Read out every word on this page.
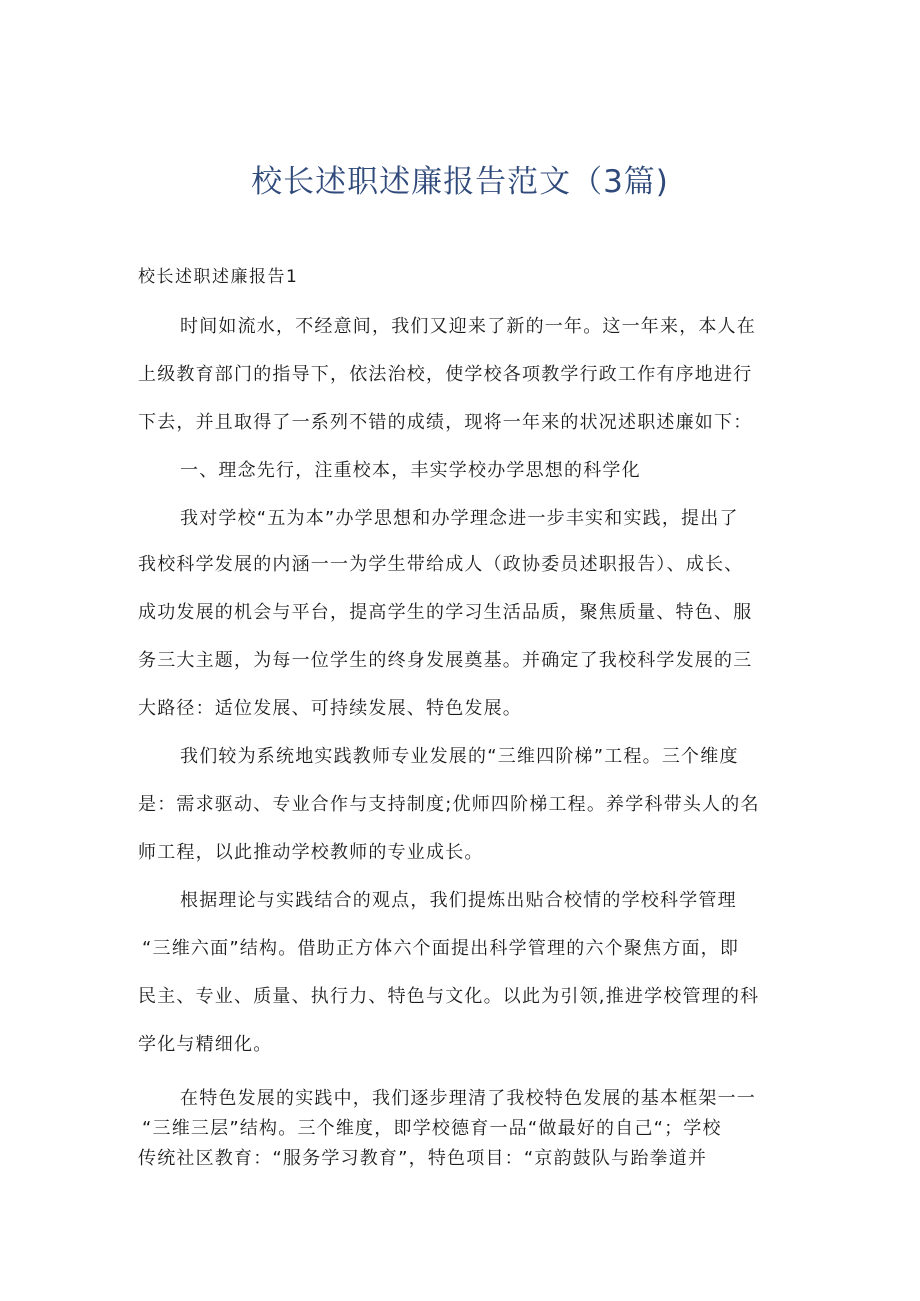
校长述职述廉报告范文（3篇)
校长述职述廉报告1
时间如流水，不经意间，我们又迎来了新的一年。这一年来，本人在
上级教育部门的指导下，依法治校，使学校各项教学行政工作有序地进行
下去，并且取得了一系列不错的成绩，现将一年来的状况述职述廉如下：
一、理念先行，注重校本，丰实学校办学思想的科学化
我对学校“五为本”办学思想和办学理念进一步丰实和实践，提出了
我校科学发展的内涵一一为学生带给成人（政协委员述职报告）、成长、
成功发展的机会与平台，提高学生的学习生活品质，聚焦质量、特色、服
务三大主题，为每一位学生的终身发展奠基。并确定了我校科学发展的三
大路径：适位发展、可持续发展、特色发展。
我们较为系统地实践教师专业发展的“三维四阶梯”工程。三个维度
是：需求驱动、专业合作与支持制度;优师四阶梯工程。养学科带头人的名
师工程，以此推动学校教师的专业成长。
根据理论与实践结合的观点，我们提炼出贴合校情的学校科学管理
“三维六面”结构。借助正方体六个面提出科学管理的六个聚焦方面，即
民主、专业、质量、执行力、特色与文化。以此为引领,推进学校管理的科
学化与精细化。
在特色发展的实践中，我们逐步理清了我校特色发展的基本框架一一
“三维三层”结构。三个维度，即学校德育一品“做最好的自己“；学校
传统社区教育：“服务学习教育”，特色项目：“京韵鼓队与跆拳道并
